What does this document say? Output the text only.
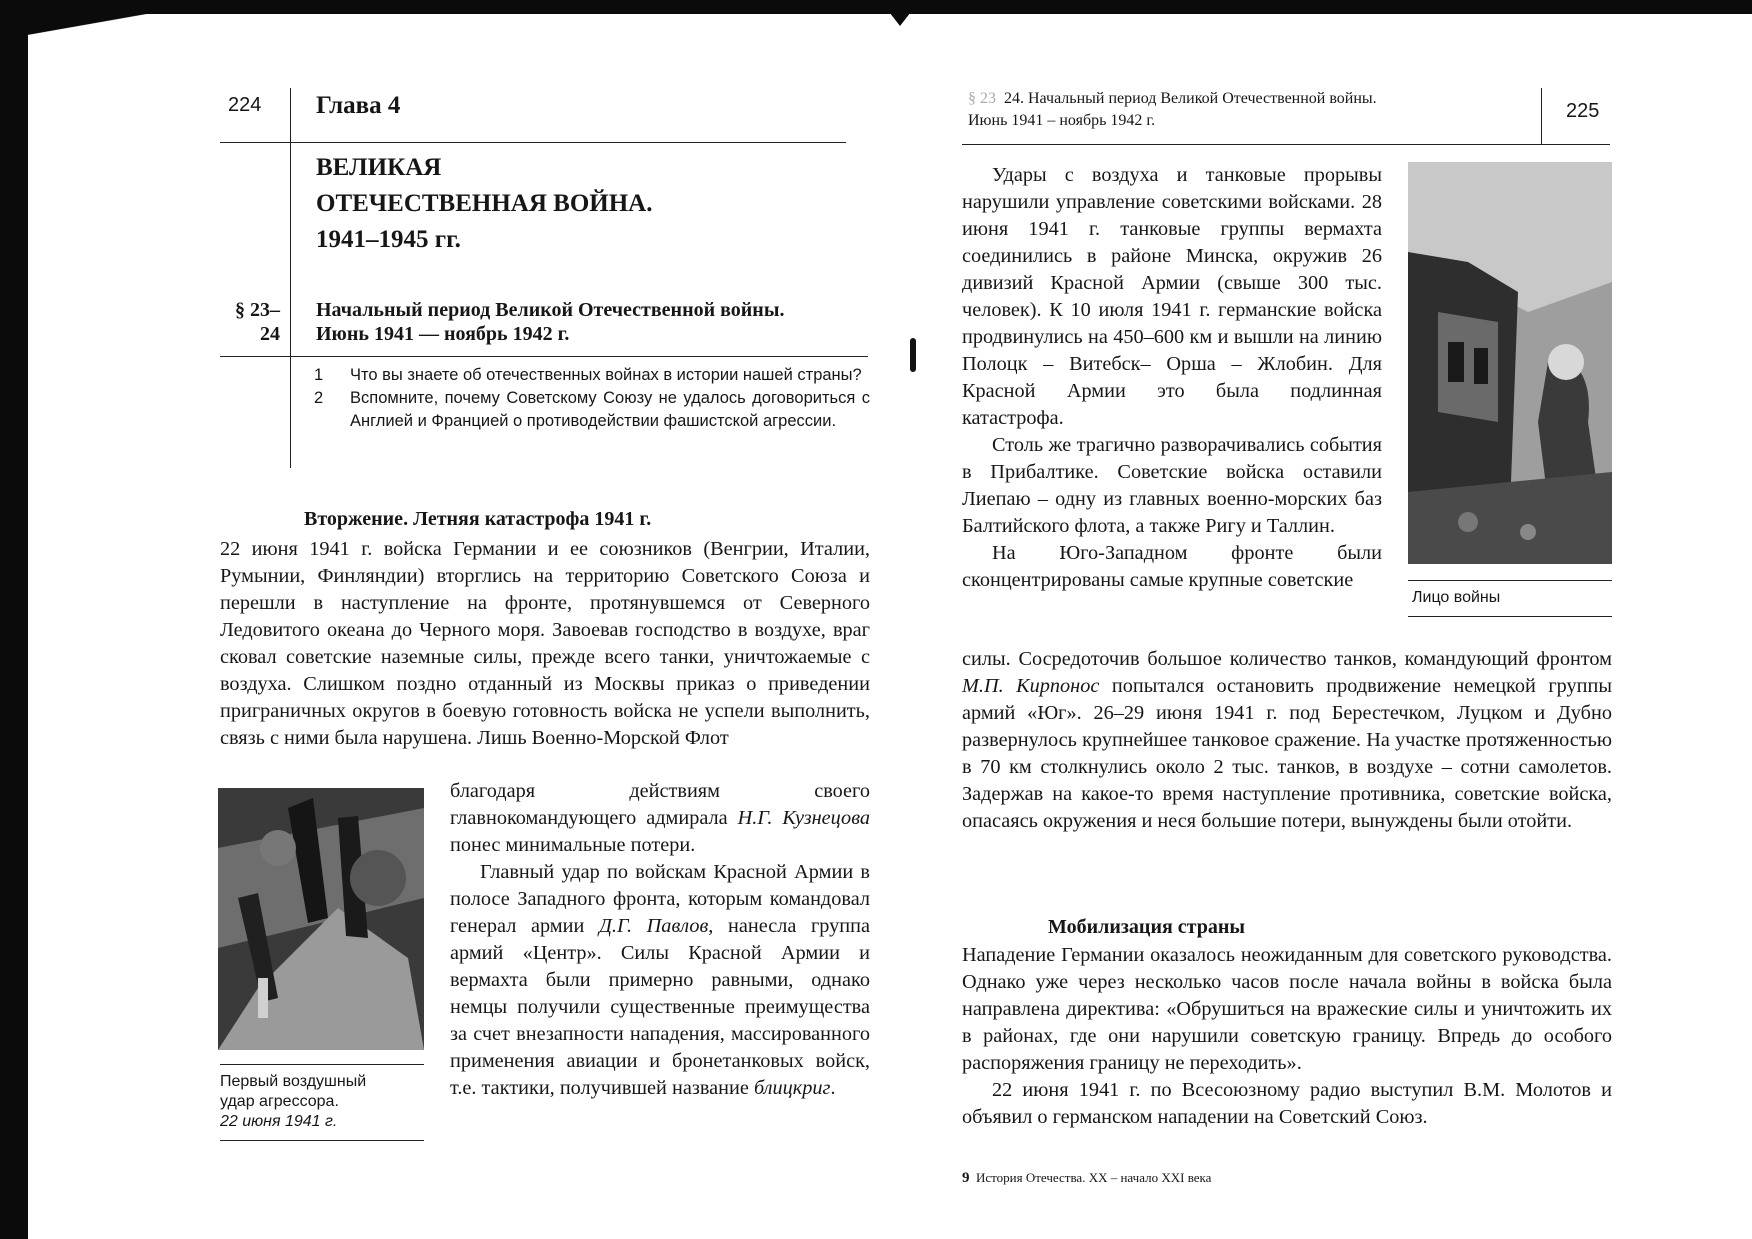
224 Глава 4
ВЕЛИКАЯ
ОТЕЧЕСТВЕННАЯ ВОЙНА.
1941–1945 гг.
§ 23–
24
Начальный период Великой Отечественной войны.
Июнь 1941 — ноябрь 1942 г.
1	Что вы знаете об отечественных войнах в истории нашей страны?
2	Вспомните, почему Советскому Союзу не удалось договориться с Англией и Францией о противодействии фашистской агрессии.
Вторжение. Летняя катастрофа 1941 г.

22 июня 1941 г. войска Германии и ее союзников (Венгрии, Италии, Румынии, Финляндии) вторглись на территорию Советского Союза и перешли в наступление на фронте, протянувшемся от Северного Ледовитого океана до Черного моря. Завоевав господство в воздухе, враг сковал советские наземные силы, прежде всего танки, уничтожаемые с воздуха. Слишком поздно отданный из Москвы приказ о приведении приграничных округов в боевую готовность войска не успели выполнить, связь с ними была нарушена. Лишь Военно-Морской Флот

Первый воздушный
удар агрессора.
22 июня 1941 г.

благодаря действиям своего главнокомандующего адмирала Н.Г. Кузнецова понес минимальные потери.

Главный удар по войскам Красной Армии в полосе Западного фронта, которым командовал генерал армии Д.Г. Павлов, нанесла группа армий «Центр». Силы Красной Армии и вермахта были примерно равными, однако немцы получили существенные преимущества за счет внезапности нападения, массированного применения авиации и бронетанковых войск, т.е. тактики, получившей название блицкриг.

§ 23 24. Начальный период Великой Отечественной войны.
Июнь 1941 – ноябрь 1942 г.	225
Лицо войны

Удары с воздуха и танковые прорывы нарушили управление советскими войсками. 28 июня 1941 г. танковые группы вермахта соединились в районе Минска, окружив 26 дивизий Красной Армии (свыше 300 тыс. человек). К 10 июля 1941 г. германские войска продвинулись на 450–600 км и вышли на линию Полоцк – Витебск– Орша – Жлобин. Для Красной Армии это была подлинная катастрофа.

Столь же трагично разворачивались события в Прибалтике. Советские войска оставили Лиепаю – одну из главных военно-морских баз Балтийского флота, а также Ригу и Таллин.

На Юго-Западном фронте были сконцентрированы самые крупные советские

силы. Сосредоточив большое количество танков, командующий фронтом М.П. Кирпонос попытался остановить продвижение немецкой группы армий «Юг». 26–29 июня 1941 г. под Берестечком, Луцком и Дубно развернулось крупнейшее танковое сражение. На участке протяженностью в 70 км столкнулись около 2 тыс. танков, в воздухе – сотни самолетов. Задержав на какое-то время наступление противника, советские войска, опасаясь окружения и неся большие потери, вынуждены были отойти.

Мобилизация страны

Нападение Германии оказалось неожиданным для советского руководства. Однако уже через несколько часов после начала войны в войска была направлена директива: «Обрушиться на вражеские силы и уничтожить их в районах, где они нарушили советскую границу. Впредь до особого распоряжения границу не переходить».

22 июня 1941 г. по Всесоюзному радио выступил В.М. Молотов и объявил о германском нападении на Советский Союз.

9 История Отечества. XX – начало XXI века
